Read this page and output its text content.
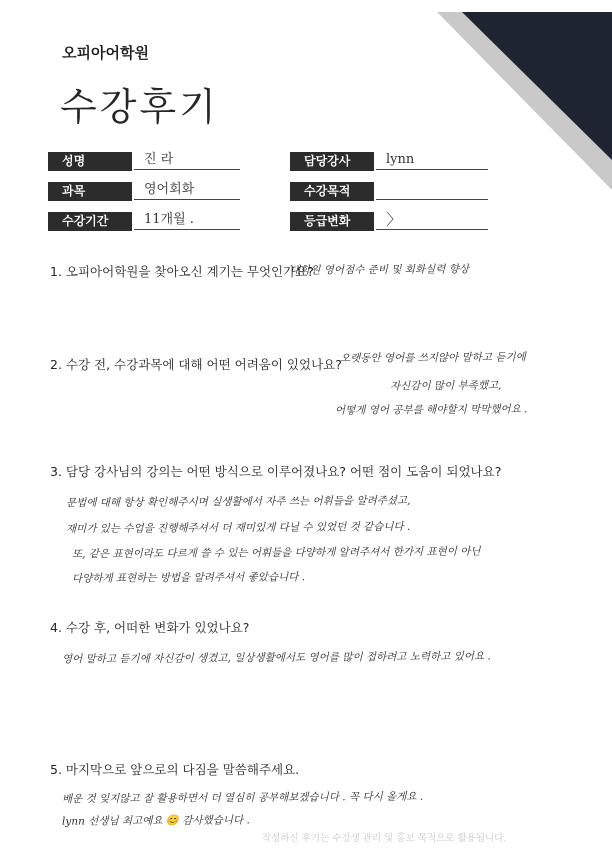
오피아어학원
수강후기
성명	진 라	담당강사	lynn
과목	영어회화	수강목적
수강기간	11개월 .	등급변화	〉
1. 오피아어학원을 찾아오신 계기는 무엇인가요?
대학원 영어점수 준비 및 회화실력 향상
2. 수강 전, 수강과목에 대해 어떤 어려움이 있었나요?
오랫동안 영어를 쓰지않아 말하고 듣기에
자신감이 많이 부족했고,
어떻게 영어 공부를 해야할지 막막했어요 .
3. 담당 강사님의 강의는 어떤 방식으로 이루어졌나요? 어떤 점이 도움이 되었나요?
문법에 대해 항상 확인해주시며 실생활에서 자주 쓰는 어휘들을 알려주셨고,
재미가 있는 수업을 진행해주셔서 더 재미있게 다닐 수 있었던 것 같습니다 .
또, 같은 표현이라도 다르게 쓸 수 있는 어휘들을 다양하게 알려주셔서 한가지 표현이 아닌
다양하게 표현하는 방법을 알려주셔서 좋았습니다 .
4. 수강 후, 어떠한 변화가 있었나요?
영어 말하고 듣기에 자신감이 생겼고, 일상생활에서도 영어를 많이 접하려고 노력하고 있어요 .
5. 마지막으로 앞으로의 다짐을 말씀해주세요.
배운 것 잊지않고 잘 활용하면서 더 열심히 공부해보겠습니다 . 꼭 다시 올게요 .
lynn 선생님 최고예요 😊 감사했습니다 .
작성하신 후기는 수강생 관리 및 홍보 목적으로 활용됩니다.
